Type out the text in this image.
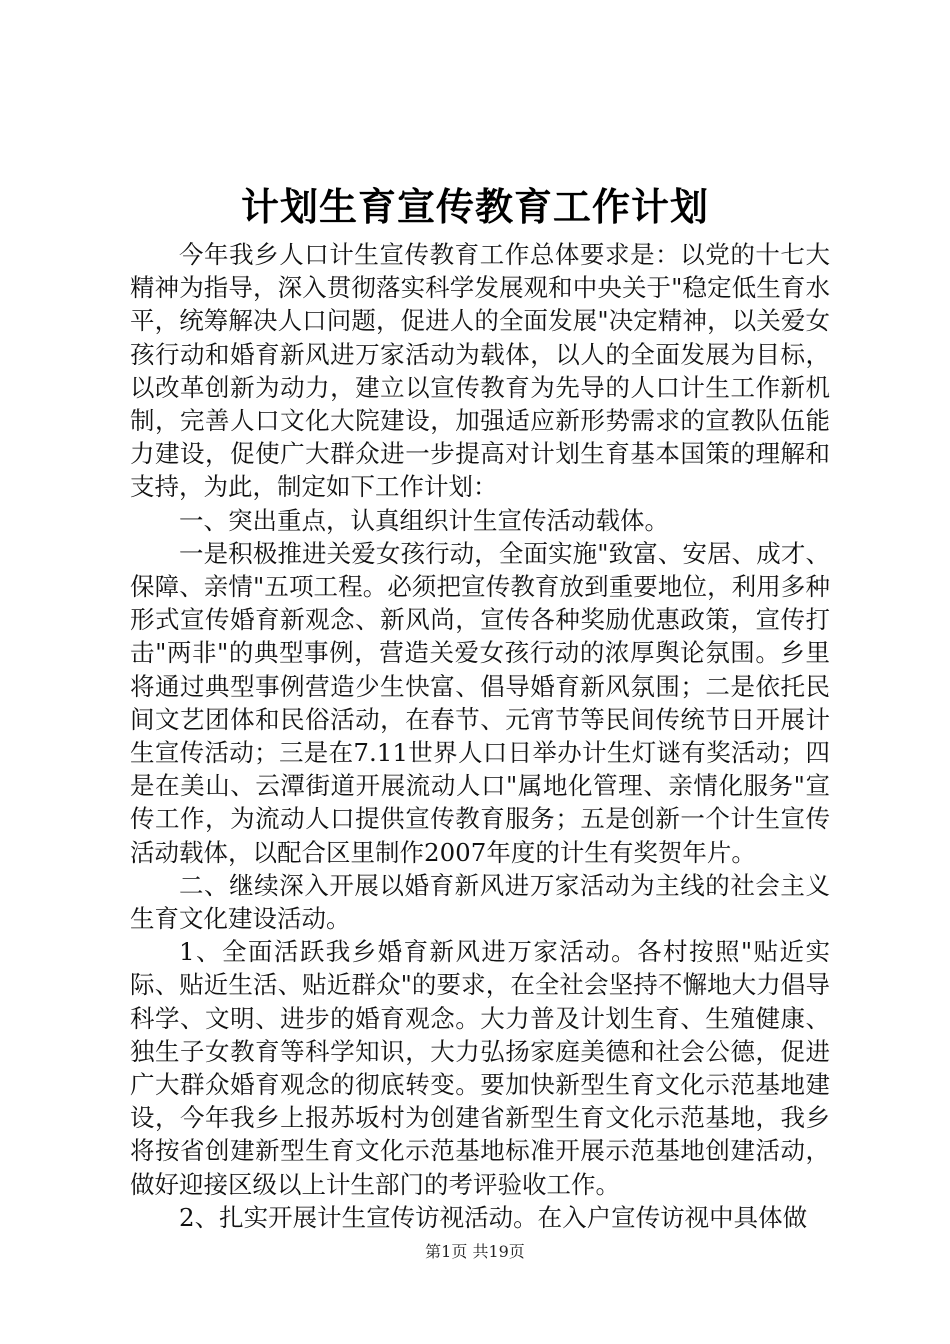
计划生育宣传教育工作计划

今年我乡人口计生宣传教育工作总体要求是：以党的十七大精神为指导，深入贯彻落实科学发展观和中央关于"稳定低生育水平，统筹解决人口问题，促进人的全面发展"决定精神，以关爱女孩行动和婚育新风进万家活动为载体，以人的全面发展为目标，以改革创新为动力，建立以宣传教育为先导的人口计生工作新机制，完善人口文化大院建设，加强适应新形势需求的宣教队伍能力建设，促使广大群众进一步提高对计划生育基本国策的理解和支持，为此，制定如下工作计划：

一、突出重点，认真组织计生宣传活动载体。

一是积极推进关爱女孩行动，全面实施"致富、安居、成才、保障、亲情"五项工程。必须把宣传教育放到重要地位，利用多种形式宣传婚育新观念、新风尚，宣传各种奖励优惠政策，宣传打击"两非"的典型事例，营造关爱女孩行动的浓厚舆论氛围。乡里将通过典型事例营造少生快富、倡导婚育新风氛围；二是依托民间文艺团体和民俗活动，在春节、元宵节等民间传统节日开展计生宣传活动；三是在7.11世界人口日举办计生灯谜有奖活动；四是在美山、云潭街道开展流动人口"属地化管理、亲情化服务"宣传工作，为流动人口提供宣传教育服务；五是创新一个计生宣传活动载体，以配合区里制作2007年度的计生有奖贺年片。

二、继续深入开展以婚育新风进万家活动为主线的社会主义生育文化建设活动。

1、全面活跃我乡婚育新风进万家活动。各村按照"贴近实际、贴近生活、贴近群众"的要求，在全社会坚持不懈地大力倡导科学、文明、进步的婚育观念。大力普及计划生育、生殖健康、独生子女教育等科学知识，大力弘扬家庭美德和社会公德，促进广大群众婚育观念的彻底转变。要加快新型生育文化示范基地建设，今年我乡上报苏坂村为创建省新型生育文化示范基地，我乡将按省创建新型生育文化示范基地标准开展示范基地创建活动，做好迎接区级以上计生部门的考评验收工作。

2、扎实开展计生宣传访视活动。在入户宣传访视中具体做

第1页 共19页
